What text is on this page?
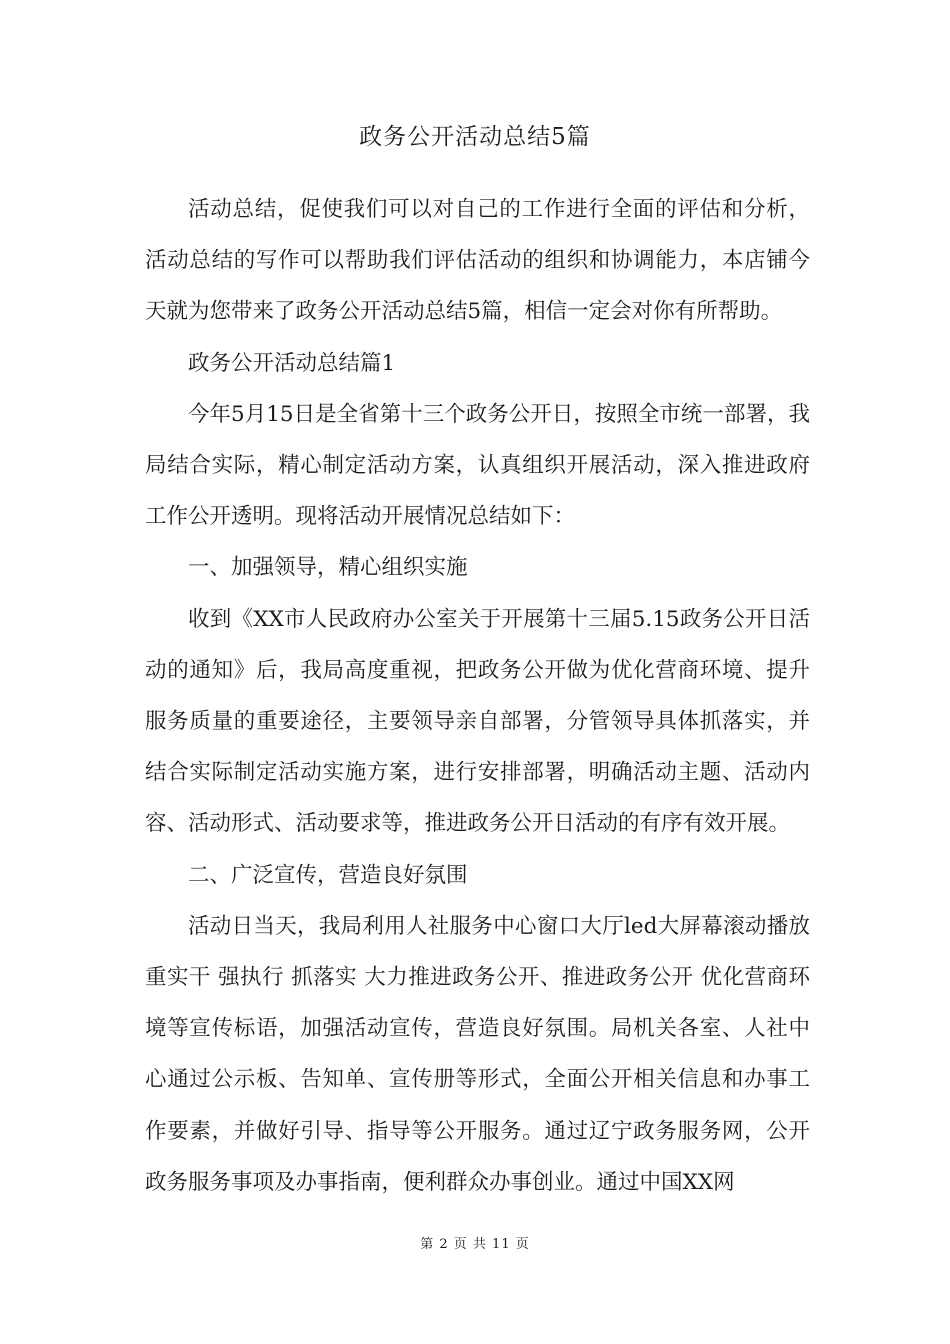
政务公开活动总结5篇

活动总结，促使我们可以对自己的工作进行全面的评估和分析，活动总结的写作可以帮助我们评估活动的组织和协调能力，本店铺今天就为您带来了政务公开活动总结5篇，相信一定会对你有所帮助。

政务公开活动总结篇1

今年5月15日是全省第十三个政务公开日，按照全市统一部署，我局结合实际，精心制定活动方案，认真组织开展活动，深入推进政府工作公开透明。现将活动开展情况总结如下：

一、加强领导，精心组织实施

收到《XX市人民政府办公室关于开展第十三届5.15政务公开日活动的通知》后，我局高度重视，把政务公开做为优化营商环境、提升服务质量的重要途径，主要领导亲自部署，分管领导具体抓落实，并结合实际制定活动实施方案，进行安排部署，明确活动主题、活动内容、活动形式、活动要求等，推进政务公开日活动的有序有效开展。

二、广泛宣传，营造良好氛围

活动日当天，我局利用人社服务中心窗口大厅led大屏幕滚动播放重实干 强执行 抓落实 大力推进政务公开、推进政务公开 优化营商环境等宣传标语，加强活动宣传，营造良好氛围。局机关各室、人社中心通过公示板、告知单、宣传册等形式，全面公开相关信息和办事工作要素，并做好引导、指导等公开服务。通过辽宁政务服务网，公开政务服务事项及办事指南，便利群众办事创业。通过中国XX网

第 2 页 共 11 页
